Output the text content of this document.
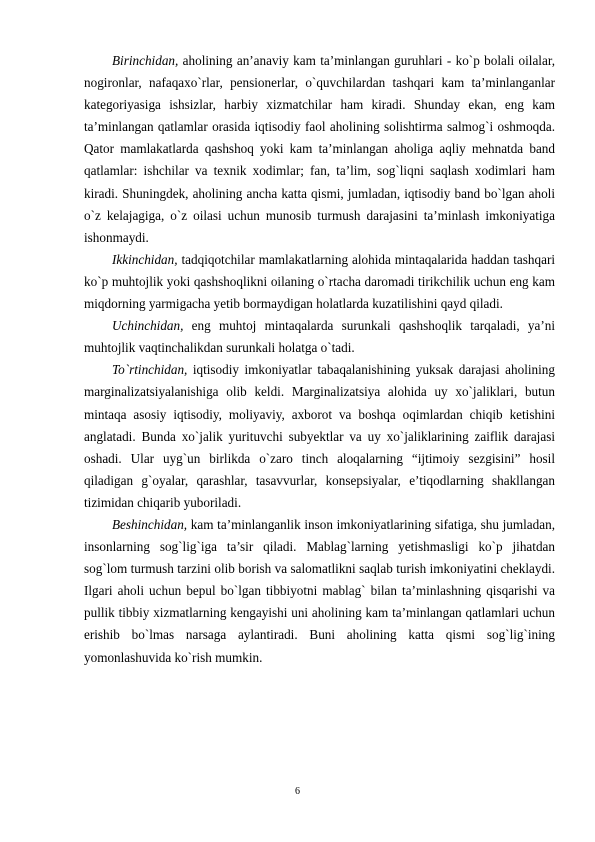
Birinchidan, aholining an’anaviy kam ta’minlangan guruhlari - ko`p bolali oilalar, nogironlar, nafaqaxo`rlar, pensionerlar, o`quvchilardan tashqari kam ta’minlanganlar kategoriyasiga ishsizlar, harbiy xizmatchilar ham kiradi. Shunday ekan, eng kam ta’minlangan qatlamlar orasida iqtisodiy faol aholining solishtirma salmog`i oshmoqda. Qator mamlakatlarda qashshoq yoki kam ta’minlangan aholiga aqliy mehnatda band qatlamlar: ishchilar va texnik xodimlar; fan, ta’lim, sog`liqni saqlash xodimlari ham kiradi. Shuningdek, aholining ancha katta qismi, jumladan, iqtisodiy band bo`lgan aholi o`z kelajagiga, o`z oilasi uchun munosib turmush darajasini ta’minlash imkoniyatiga ishonmaydi.

Ikkinchidan, tadqiqotchilar mamlakatlarning alohida mintaqalarida haddan tashqari ko`p muhtojlik yoki qashshoqlikni oilaning o`rtacha daromadi tirikchilik uchun eng kam miqdorning yarmigacha yetib bormaydigan holatlarda kuzatilishini qayd qiladi.

Uchinchidan, eng muhtoj mintaqalarda surunkali qashshoqlik tarqaladi, ya’ni muhtojlik vaqtinchalikdan surunkali holatga o`tadi.

To`rtinchidan, iqtisodiy imkoniyatlar tabaqalanishining yuksak darajasi aholining marginalizatsiyalanishiga olib keldi. Marginalizatsiya alohida uy xo`jaliklari, butun mintaqa asosiy iqtisodiy, moliyaviy, axborot va boshqa oqimlardan chiqib ketishini anglatadi. Bunda xo`jalik yurituvchi subyektlar va uy xo`jaliklarining zaiflik darajasi oshadi. Ular uyg`un birlikda o`zaro tinch aloqalarning “ijtimoiy sezgisini” hosil qiladigan g`oyalar, qarashlar, tasavvurlar, konsepsiyalar, e’tiqodlarning shakllangan tizimidan chiqarib yuboriladi.

Beshinchidan, kam ta’minlanganlik inson imkoniyatlarining sifatiga, shu jumladan, insonlarning sog`lig`iga ta’sir qiladi. Mablag`larning yetishmasligi ko`p jihatdan sog`lom turmush tarzini olib borish va salomatlikni saqlab turish imkoniyatini cheklaydi. Ilgari aholi uchun bepul bo`lgan tibbiyotni mablag` bilan ta’minlashning qisqarishi va pullik tibbiy xizmatlarning kengayishi uni aholining kam ta’minlangan qatlamlari uchun erishib bo`lmas narsaga aylantiradi. Buni aholining katta qismi sog`lig`ining yomonlashuvida ko`rish mumkin.

6
